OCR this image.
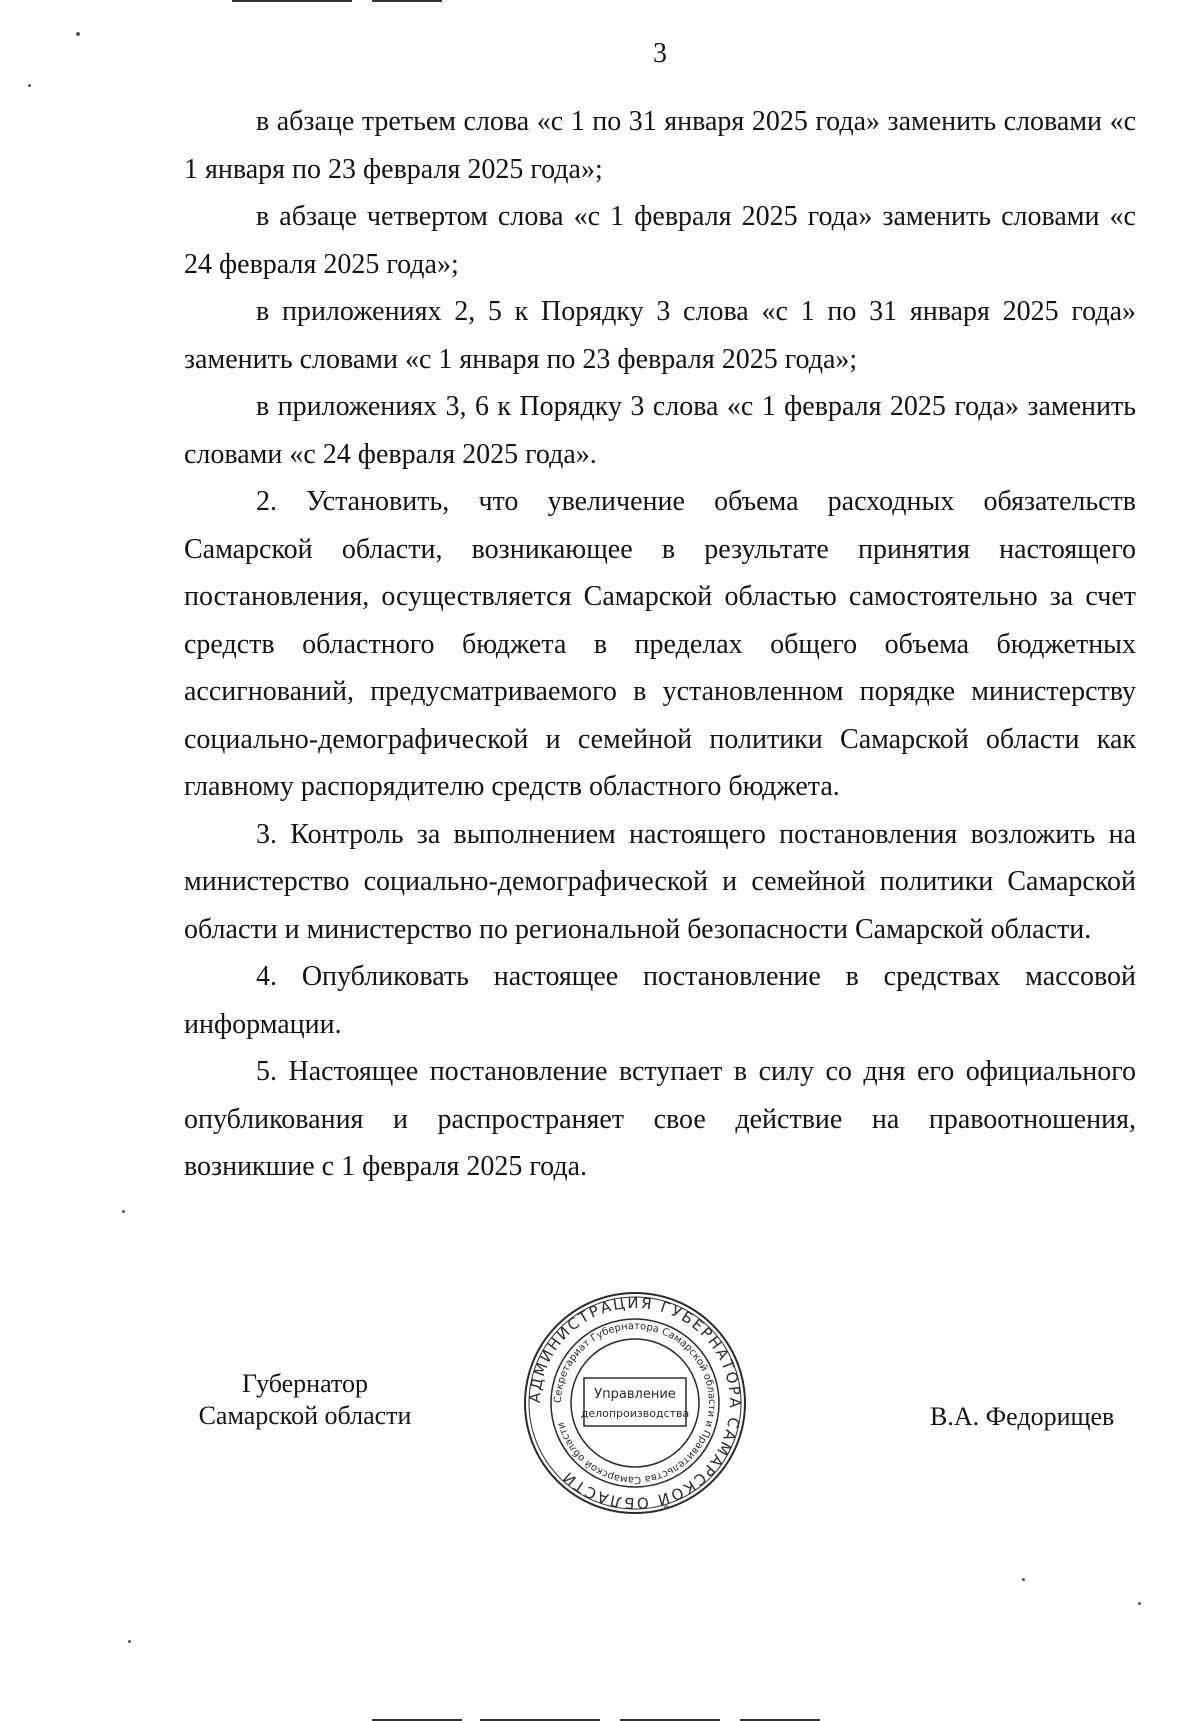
3

в абзаце третьем слова «с 1 по 31 января 2025 года» заменить словами «с 1 января по 23 февраля 2025 года»;

в абзаце четвертом слова «с 1 февраля 2025 года» заменить словами «с 24 февраля 2025 года»;

в приложениях 2, 5 к Порядку 3 слова «с 1 по 31 января 2025 года» заменить словами «с 1 января по 23 февраля 2025 года»;

в приложениях 3, 6 к Порядку 3 слова «с 1 февраля 2025 года» заменить словами «с 24 февраля 2025 года».

2. Установить, что увеличение объема расходных обязательств Самарской области, возникающее в результате принятия настоящего постановления, осуществляется Самарской областью самостоятельно за счет средств областного бюджета в пределах общего объема бюджетных ассигнований, предусматриваемого в установленном порядке министерству социально-демографической и семейной политики Самарской области как главному распорядителю средств областного бюджета.

3. Контроль за выполнением настоящего постановления возложить на министерство социально-демографической и семейной политики Самарской области и министерство по региональной безопасности Самарской области.

4. Опубликовать настоящее постановление в средствах массовой информации.

5. Настоящее постановление вступает в силу со дня его официального опубликования и распространяет свое действие на правоотношения, возникшие с 1 февраля 2025 года.

Губернатор
Самарской области
АДМИНИСТРАЦИЯ ГУБЕРНАТОРА САМАРСКОЙ ОБЛАСТИ
Секретариат Губернатора Самарской области и Правительства Самарской области
Управление
делопроизводства	В.А. Федорищев
